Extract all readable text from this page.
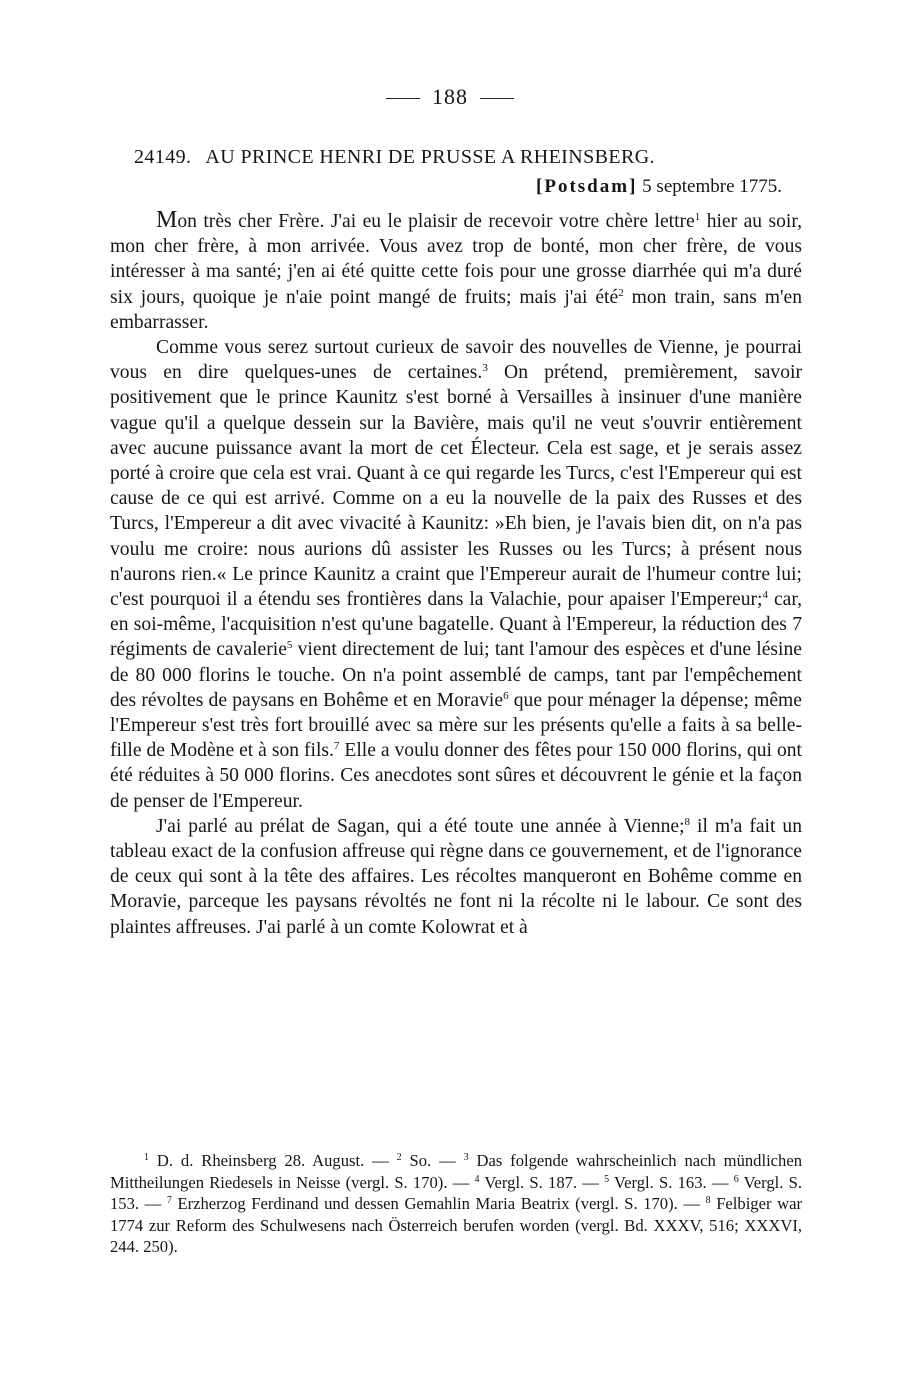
188
24149. AU PRINCE HENRI DE PRUSSE A RHEINSBERG.
[Potsdam] 5 septembre 1775.

Mon très cher Frère. J'ai eu le plaisir de recevoir votre chère lettre$^1$ hier au soir, mon cher frère, à mon arrivée. Vous avez trop de bonté, mon cher frère, de vous intéresser à ma santé; j'en ai été quitte cette fois pour une grosse diarrhée qui m'a duré six jours, quoique je n'aie point mangé de fruits; mais j'ai été$^2$ mon train, sans m'en embarrasser.

Comme vous serez surtout curieux de savoir des nouvelles de Vienne, je pourrai vous en dire quelques-unes de certaines.$^3$ On prétend, premièrement, savoir positivement que le prince Kaunitz s'est borné à Versailles à insinuer d'une manière vague qu'il a quelque dessein sur la Bavière, mais qu'il ne veut s'ouvrir entièrement avec aucune puissance avant la mort de cet Électeur. Cela est sage, et je serais assez porté à croire que cela est vrai. Quant à ce qui regarde les Turcs, c'est l'Empereur qui est cause de ce qui est arrivé. Comme on a eu la nouvelle de la paix des Russes et des Turcs, l'Empereur a dit avec vivacité à Kaunitz: »Eh bien, je l'avais bien dit, on n'a pas voulu me croire: nous aurions dû assister les Russes ou les Turcs; à présent nous n'aurons rien.« Le prince Kaunitz a craint que l'Empereur aurait de l'humeur contre lui; c'est pourquoi il a étendu ses frontières dans la Valachie, pour apaiser l'Empereur;$^4$ car, en soi-même, l'acquisition n'est qu'une bagatelle. Quant à l'Empereur, la réduction des 7 régiments de cavalerie$^5$ vient directement de lui; tant l'amour des espèces et d'une lésine de 80 000 florins le touche. On n'a point assemblé de camps, tant par l'empêchement des révoltes de paysans en Bohême et en Moravie$^6$ que pour ménager la dépense; même l'Empereur s'est très fort brouillé avec sa mère sur les présents qu'elle a faits à sa belle-fille de Modène et à son fils.$^7$ Elle a voulu donner des fêtes pour 150 000 florins, qui ont été réduites à 50 000 florins. Ces anecdotes sont sûres et découvrent le génie et la façon de penser de l'Empereur.

J'ai parlé au prélat de Sagan, qui a été toute une année à Vienne;$^8$ il m'a fait un tableau exact de la confusion affreuse qui règne dans ce gouvernement, et de l'ignorance de ceux qui sont à la tête des affaires. Les récoltes manqueront en Bohême comme en Moravie, parceque les paysans révoltés ne font ni la récolte ni le labour. Ce sont des plaintes affreuses. J'ai parlé à un comte Kolowrat et à

$^1$ D. d. Rheinsberg 28. August. — $^2$ So. — $^3$ Das folgende wahrscheinlich nach mündlichen Mittheilungen Riedesels in Neisse (vergl. S. 170). — $^4$ Vergl. S. 187. — $^5$ Vergl. S. 163. — $^6$ Vergl. S. 153. — $^7$ Erzherzog Ferdinand und dessen Gemahlin Maria Beatrix (vergl. S. 170). — $^8$ Felbiger war 1774 zur Reform des Schulwesens nach Österreich berufen worden (vergl. Bd. XXXV, 516; XXXVI, 244. 250).
